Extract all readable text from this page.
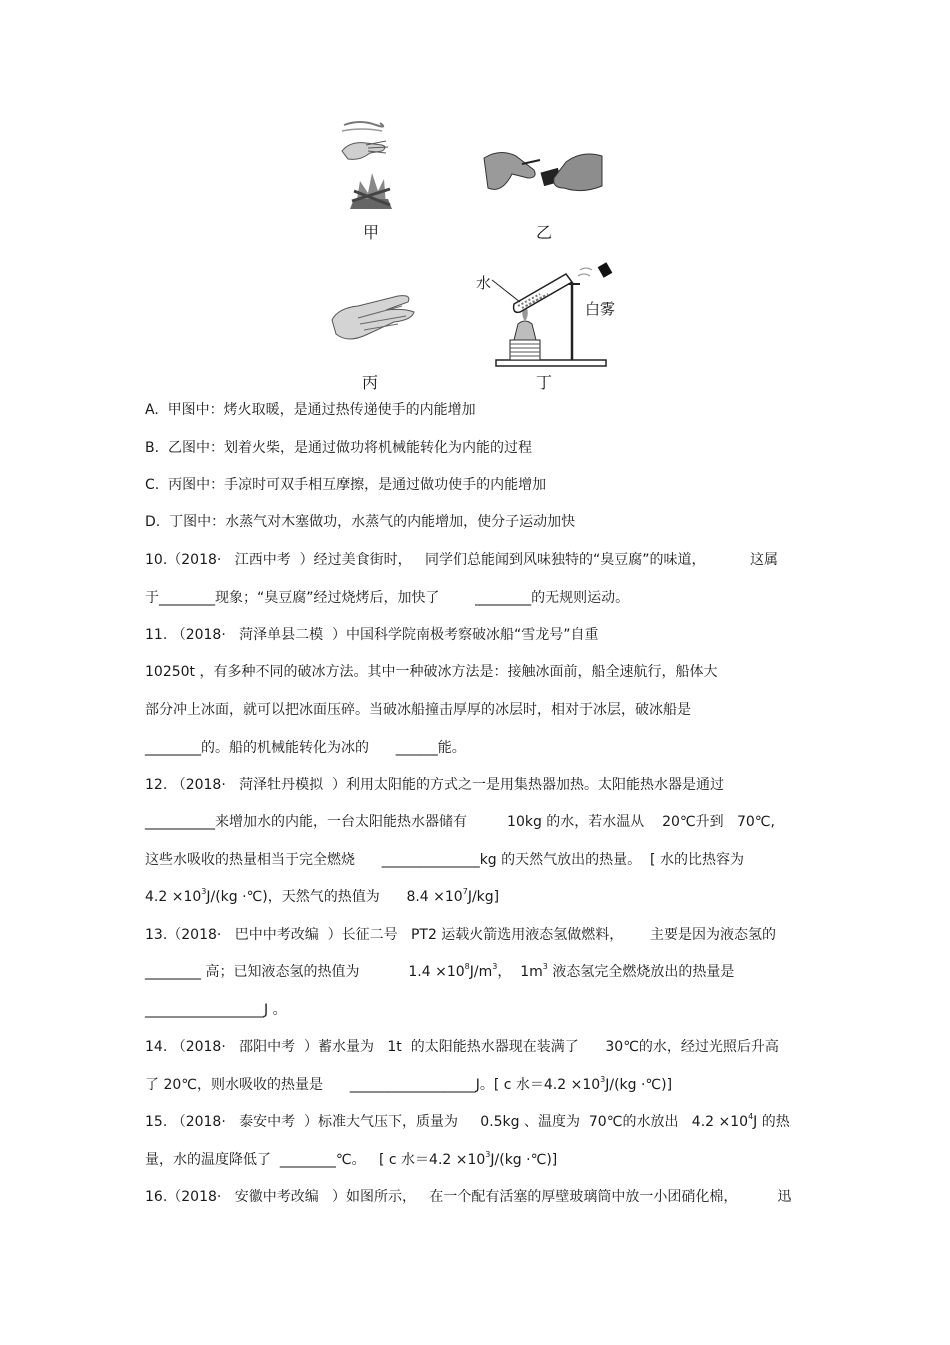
甲	乙
丙
水
白雾
丁
A.  甲图中：烤火取暖，是通过热传递使手的内能增加
B.  乙图中：划着火柴，是通过做功将机械能转化为内能的过程
C.  丙图中：手凉时可双手相互摩擦，是通过做功使手的内能增加
D.  丁图中：水蒸气对木塞做功，水蒸气的内能增加，使分子运动加快
10.（2018·   江西中考  ）经过美食街时，   同学们总能闻到风味独特的“臭豆腐”的味道，          这属
于________现象；“臭豆腐”经过烧烤后，加快了        ________的无规则运动。
11. （2018·   菏泽单县二模  ）中国科学院南极考察破冰船“雪龙号”自重
10250t ，有多种不同的破冰方法。其中一种破冰方法是：接触冰面前，船全速航行，船体大
部分冲上冰面，就可以把冰面压碎。当破冰船撞击厚厚的冰层时，相对于冰层，破冰船是
________的。船的机械能转化为冰的      ______能。
12. （2018·   菏泽牡丹模拟  ）利用太阳能的方式之一是用集热器加热。太阳能热水器是通过
__________来增加水的内能，一台太阳能热水器储有         10kg 的水，若水温从    20℃升到   70℃,
这些水吸收的热量相当于完全燃烧      ______________kg 的天然气放出的热量。  [ 水的比热容为
$4.2 \times 10^3J/(kg$ ·℃)，天然气的热值为      $8.4 \times 10^7J/kg$]
13.（2018·   巴中中考改编  ）长征二号   PT2 运载火箭选用液态氢做燃料，      主要是因为液态氢的
________ 高；已知液态氢的热值为           $1.4 \times 10^8J/m^3$，  $1m^3$ 液态氢完全燃烧放出的热量是
_________________J 。
14. （2018·   邵阳中考  ）蓄水量为   1t  的太阳能热水器现在装满了      30℃的水，经过光照后升高
了 20℃，则水吸收的热量是      __________________J。[ c 水$=4.2 \times 10^3J/(kg$ ·℃)]
15. （2018·   泰安中考  ）标准大气压下，质量为     0.5kg 、温度为  70℃的水放出   $4.2 \times 10^4J$ 的热
量，水的温度降低了  ________℃。   [ c 水$=4.2 \times 10^3J/(kg$ ·℃)]
16.（2018·   安徽中考改编   ）如图所示，   在一个配有活塞的厚壁玻璃筒中放一小团硝化棉，         迅
